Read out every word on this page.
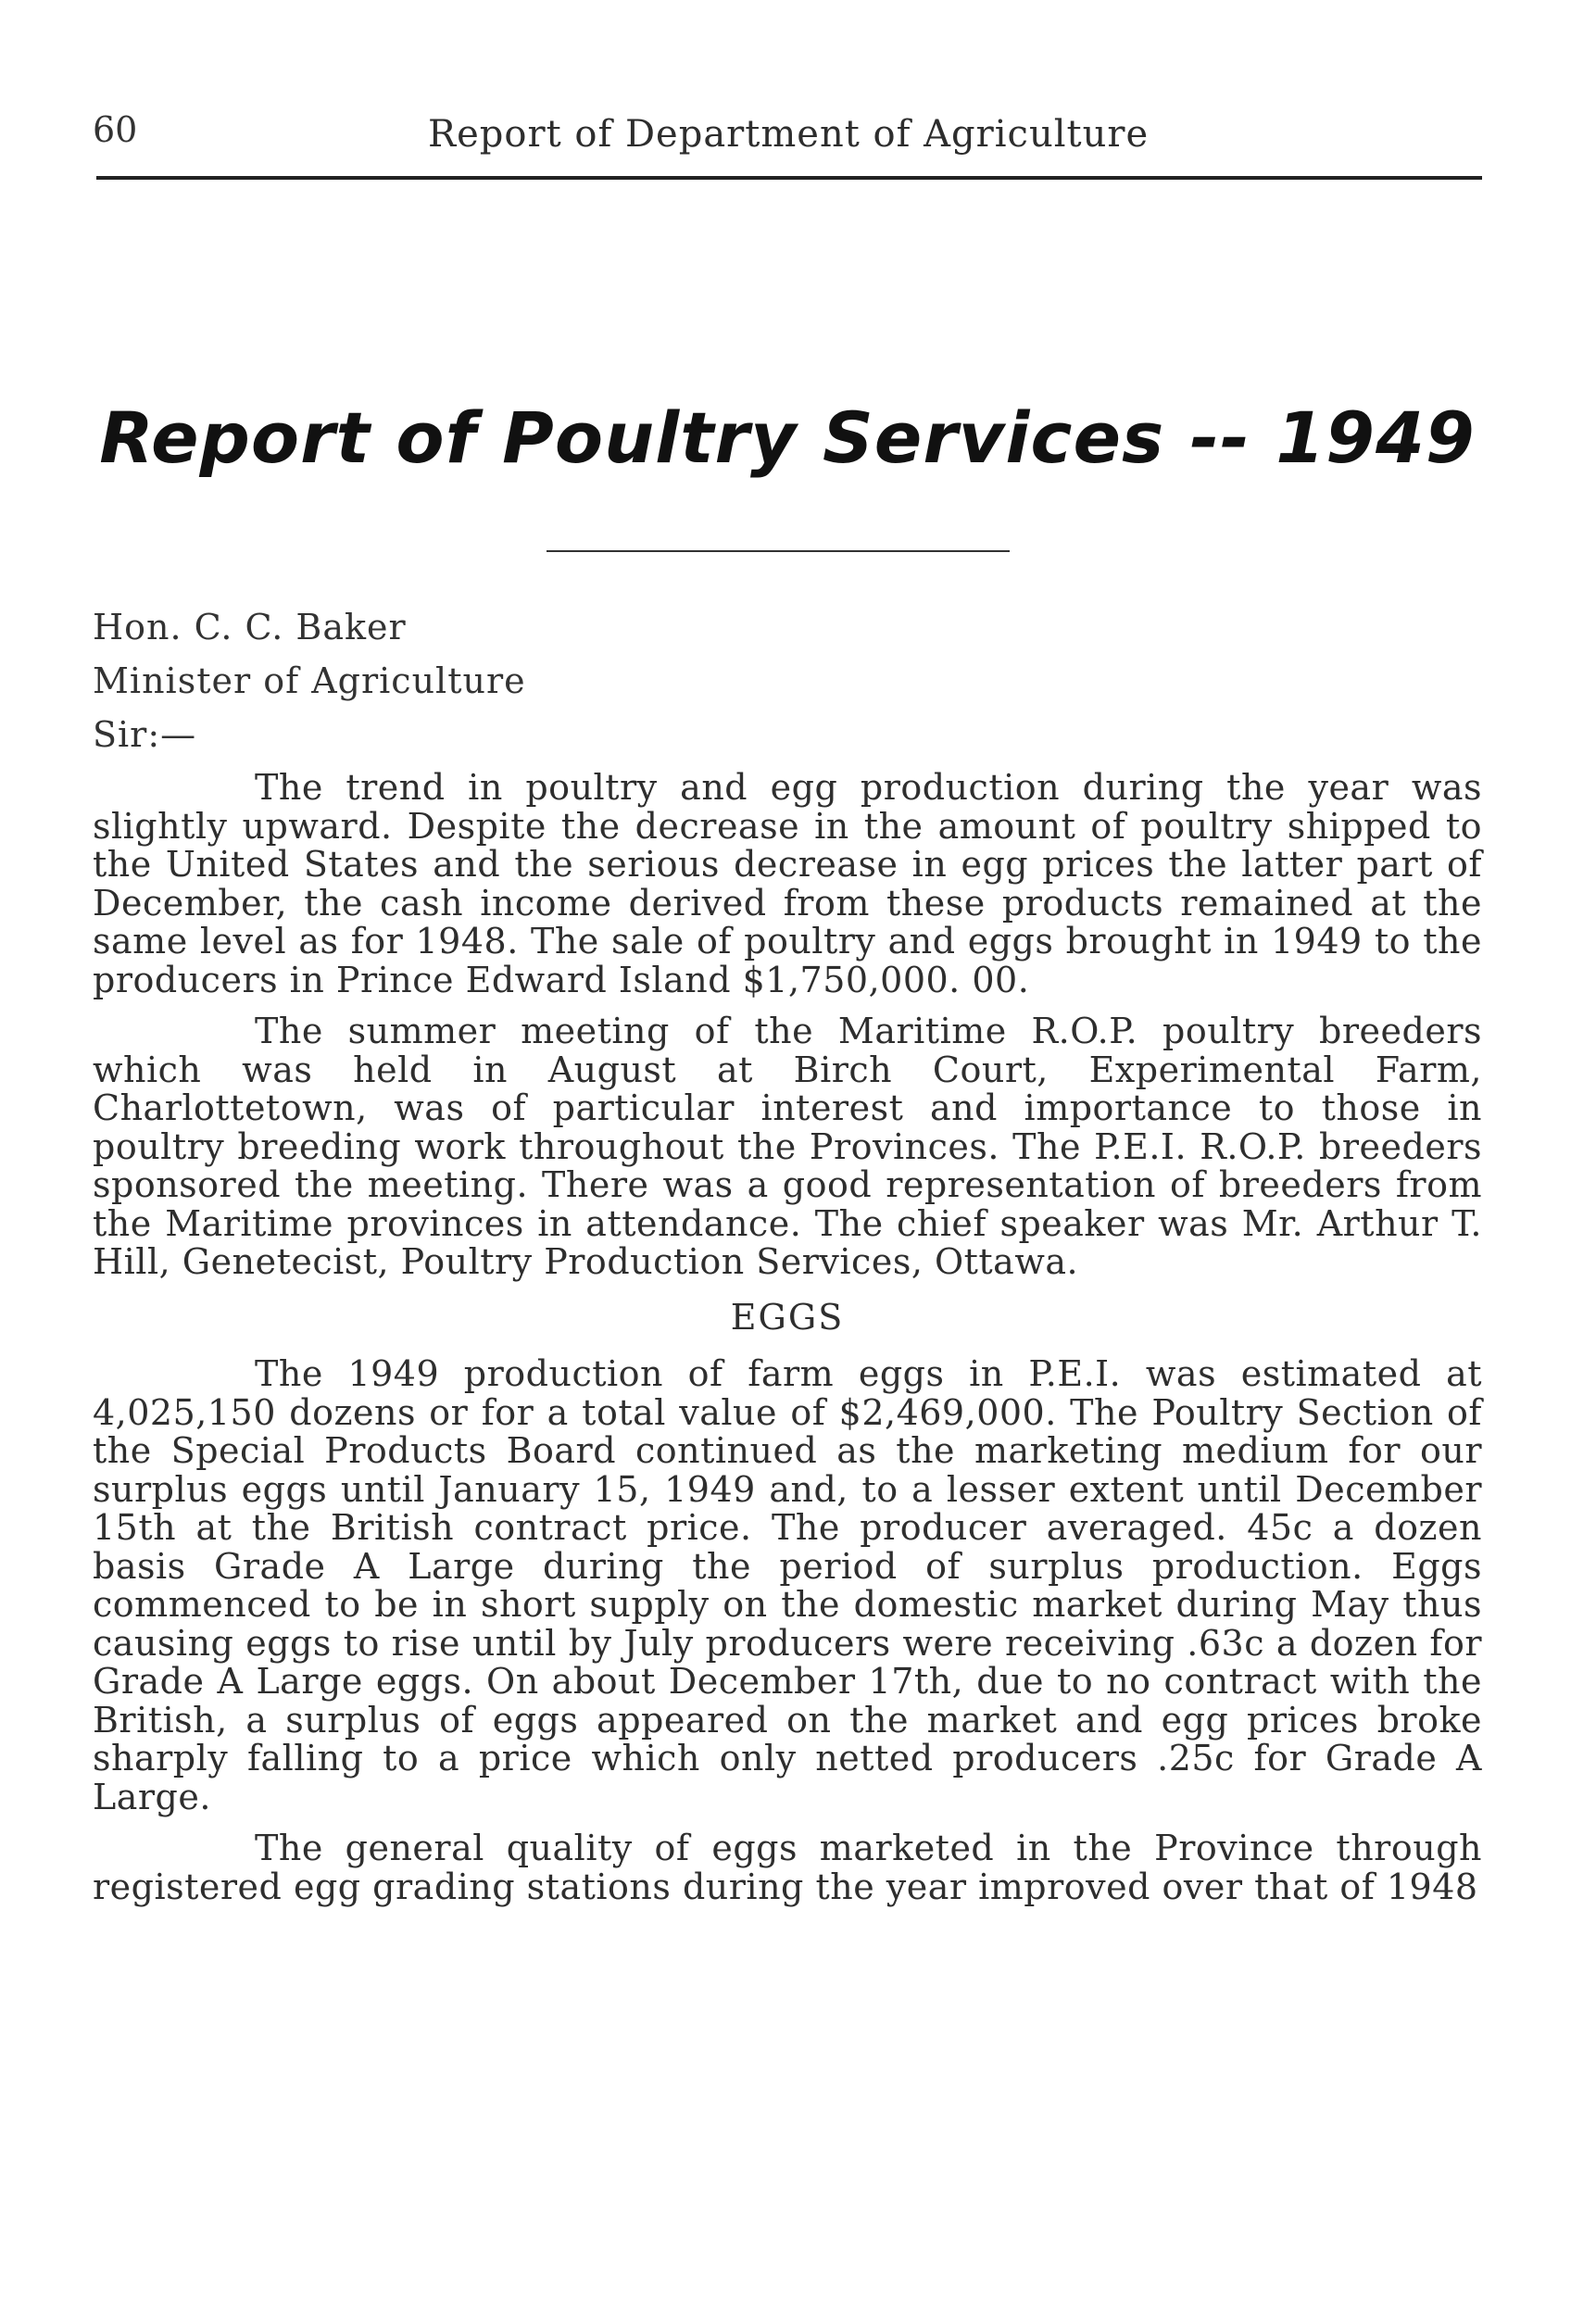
60	Report of Department of Agriculture
Report of Poultry Services -- 1949
Hon. C. C. Baker
Minister of Agriculture
Sir:—

The trend in poultry and egg production during the year was slightly upward. Despite the decrease in the amount of poultry shipped to the United States and the serious decrease in egg prices the latter part of December, the cash income derived from these products remained at the same level as for 1948. The sale of poultry and eggs brought in 1949 to the producers in Prince Edward Island $1,750,000. 00.

The summer meeting of the Maritime R.O.P. poultry breeders which was held in August at Birch Court, Experimental Farm, Charlottetown, was of particular interest and importance to those in poultry breeding work throughout the Provinces. The P.E.I. R.O.P. breeders sponsored the meeting. There was a good representation of breeders from the Maritime provinces in attendance. The chief speaker was Mr. Arthur T. Hill, Genetecist, Poultry Production Services, Ottawa.

EGGS

The 1949 production of farm eggs in P.E.I. was estimated at 4,025,150 dozens or for a total value of $2,469,000. The Poultry Section of the Special Products Board continued as the marketing medium for our surplus eggs until January 15, 1949 and, to a lesser extent until December 15th at the British contract price. The producer averaged. 45c a dozen basis Grade A Large during the period of surplus production. Eggs commenced to be in short supply on the domestic market during May thus causing eggs to rise until by July producers were receiving .63c a dozen for Grade A Large eggs. On about December 17th, due to no contract with the British, a surplus of eggs appeared on the market and egg prices broke sharply falling to a price which only netted producers .25c for Grade A Large.

The general quality of eggs marketed in the Province through registered egg grading stations during the year improved over that of 1948
